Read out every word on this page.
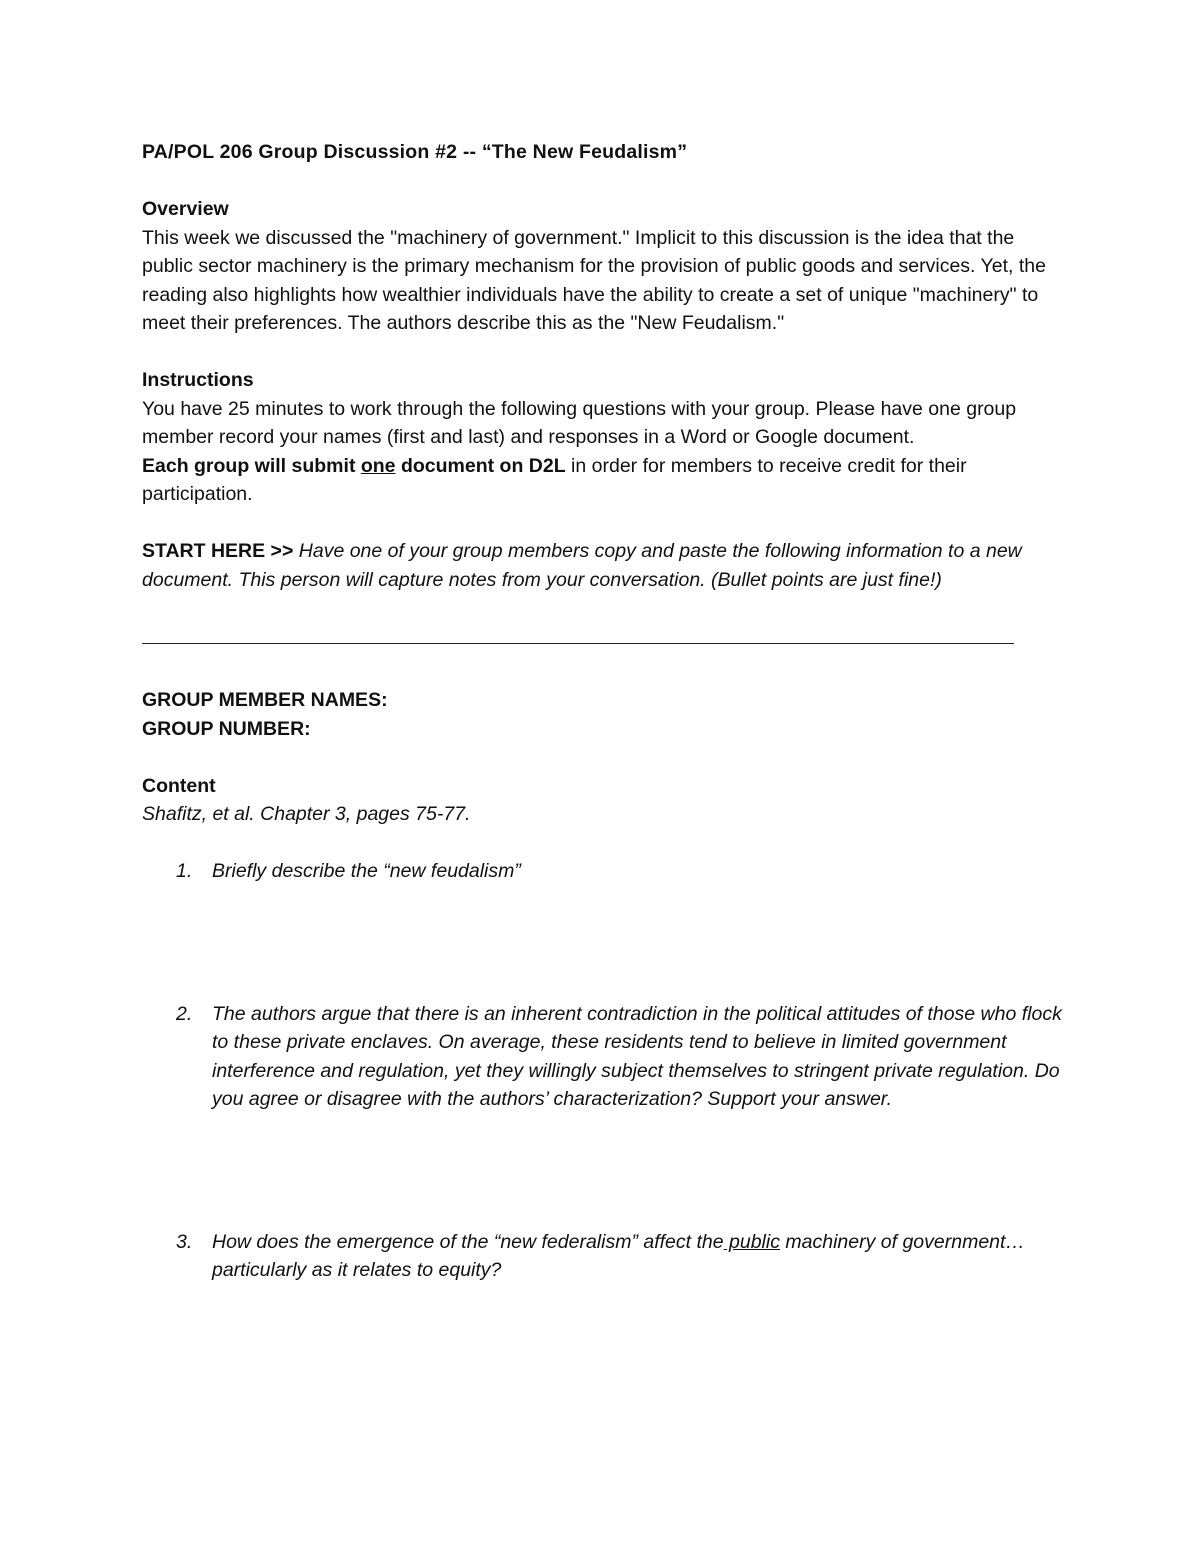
PA/POL 206 Group Discussion #2 -- “The New Feudalism”

Overview

This week we discussed the "machinery of government." Implicit to this discussion is the idea that the public sector machinery is the primary mechanism for the provision of public goods and services. Yet, the reading also highlights how wealthier individuals have the ability to create a set of unique "machinery" to meet their preferences. The authors describe this as the "New Feudalism."

Instructions

You have 25 minutes to work through the following questions with your group. Please have one group member record your names (first and last) and responses in a Word or Google document.
Each group will submit one document on D2L in order for members to receive credit for their participation.

START HERE >> Have one of your group members copy and paste the following information to a new document. This person will capture notes from your conversation. (Bullet points are just fine!)

GROUP MEMBER NAMES:

GROUP NUMBER:

Content

Shafitz, et al. Chapter 3, pages 75-77.

1. Briefly describe the “new feudalism”
2. The authors argue that there is an inherent contradiction in the political attitudes of those who flock to these private enclaves. On average, these residents tend to believe in limited government interference and regulation, yet they willingly subject themselves to stringent private regulation. Do you agree or disagree with the authors’ characterization? Support your answer.
3. How does the emergence of the “new federalism” affect the public machinery of government… particularly as it relates to equity?
